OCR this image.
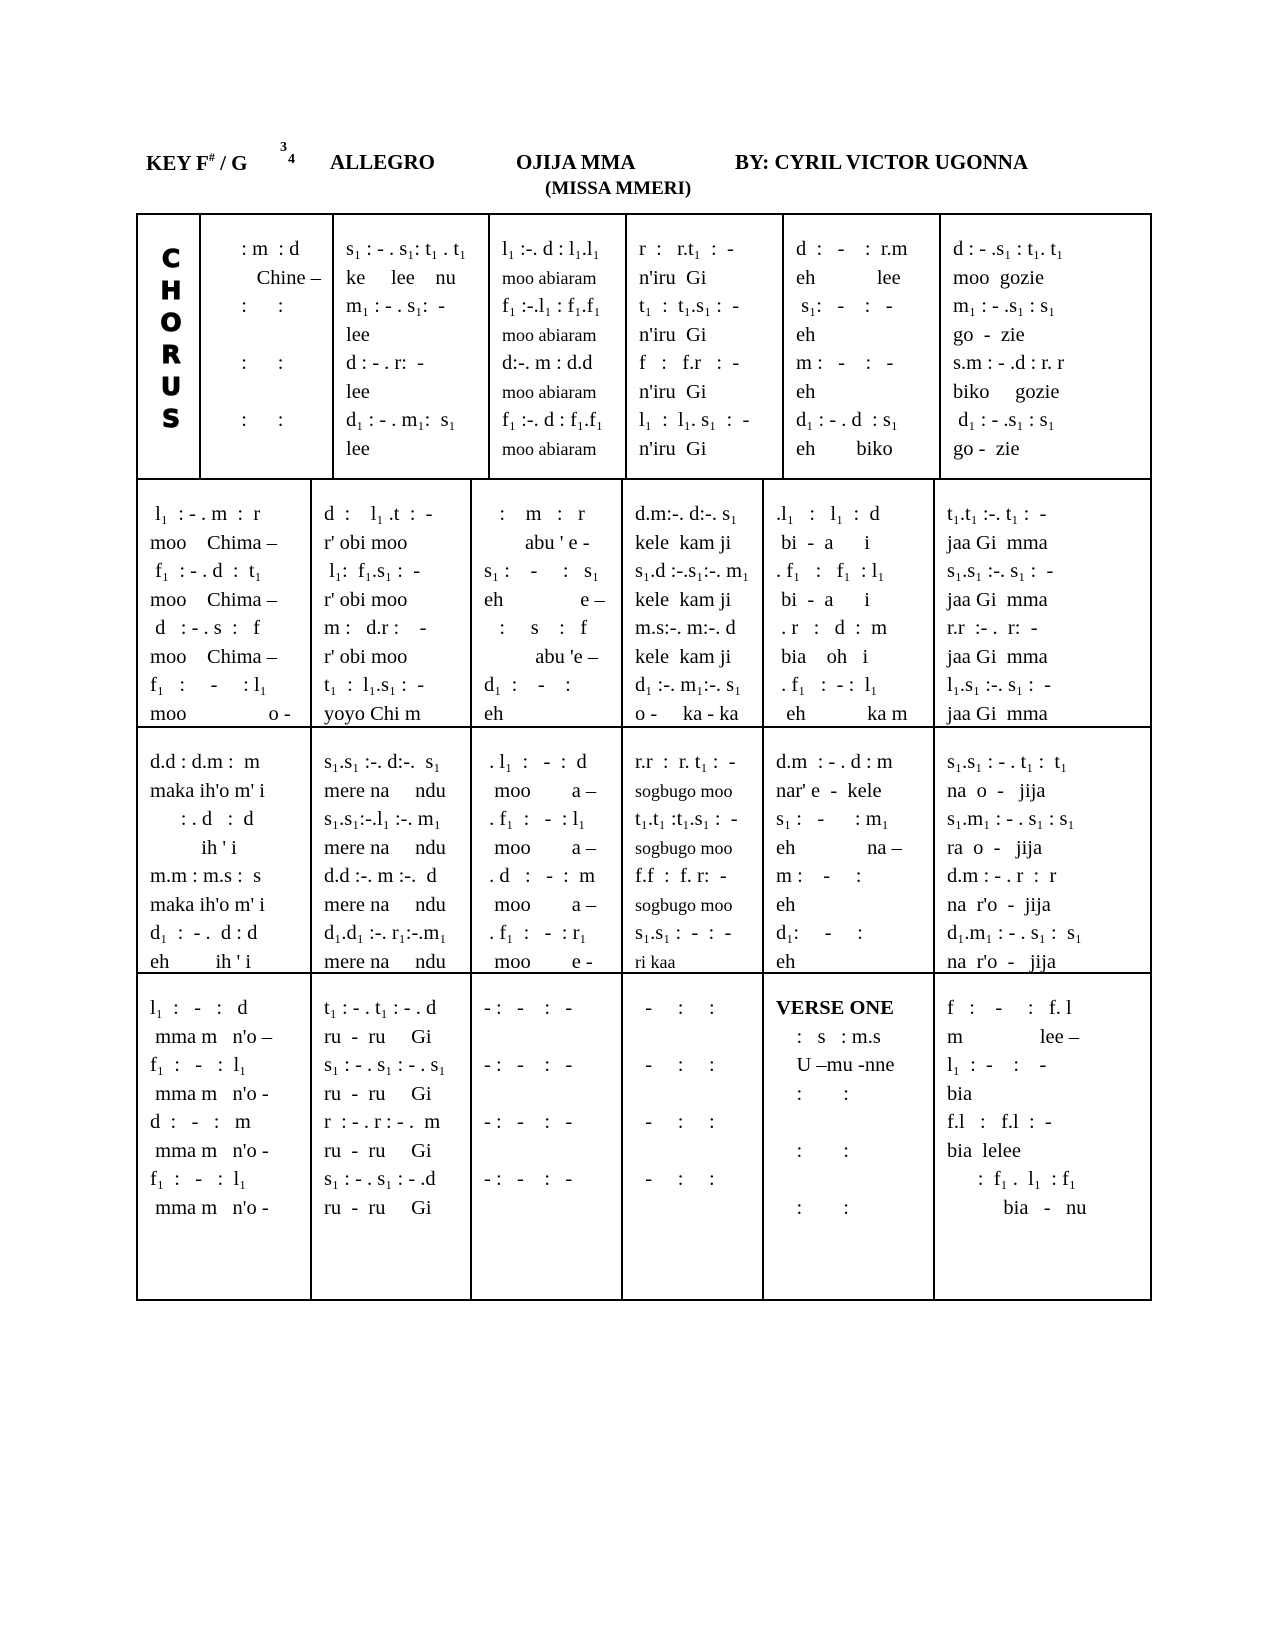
KEY F# / G
3
4 ALLEGRO	OJIJA MMA	BY: CYRIL VICTOR UGONNA
(MISSA MMERI)
C
H
O
R
U
S
: m  : d
Chine –
:      :

:      :

:      :
s₁ : - . s₁: t₁ . t₁
ke     lee    nu
m₁ : - . s₁:  -
lee
d : - . r:  -
lee
d₁ : - . m₁:  s₁
lee
l₁ :-. d : l₁.l₁
moo abiaram
f₁ :-.l₁ : f₁.f₁
moo abiaram
d:-. m : d.d
moo abiaram
f₁ :-. d : f₁.f₁
moo abiaram
r  :   r.t₁  :  -
n'iru  Gi
t₁  :  t₁.s₁ :  -
n'iru  Gi
f   :   f.r   :  -
n'iru  Gi
l₁  :  l₁. s₁  :  -
n'iru  Gi
d  :   -    :  r.m
eh            lee
s₁:   -    :   -
eh
m :   -    :   -
eh
d₁ : - . d  : s₁
eh        biko
d : - .s₁ : t₁. t₁
moo  gozie
m₁ : - .s₁ : s₁
go  -  zie
s.m : - .d : r. r
biko     gozie
d₁ : - .s₁ : s₁
go -  zie
l₁  : - . m  :  r
moo    Chima –
f₁  : - . d  :  t₁
moo    Chima –
d   : - . s  :   f
moo    Chima –
f₁   :     -     : l₁
moo                o -
d  :    l₁ .t  :  -
r' obi moo
l₁:  f₁.s₁ :  -
r' obi moo
m :   d.r :    -
r' obi moo
t₁  :  l₁.s₁ :  -
yoyo Chi m
:    m   :   r
abu ' e -
s₁ :    -     :   s₁
eh               e –
:     s    :   f
abu 'e –
d₁  :    -    :
eh
d.m:-. d:-. s₁
kele  kam ji
s₁.d :-.s₁:-. m₁
kele  kam ji
m.s:-. m:-. d
kele  kam ji
d₁ :-. m₁:-. s₁
o -     ka - ka
.l₁   :   l₁  :  d
bi  -  a      i
. f₁   :   f₁  : l₁
bi  -  a      i
. r   :   d  :  m
bia    oh   i
. f₁   :  - :  l₁
eh            ka m
t₁.t₁ :-. t₁ :  -
jaa Gi  mma
s₁.s₁ :-. s₁ :  -
jaa Gi  mma
r.r  :- .  r:  -
jaa Gi  mma
l₁.s₁ :-. s₁ :  -
jaa Gi  mma
d.d : d.m :  m
maka ih'o m' i
: . d   :  d
ih ' i
m.m : m.s :  s
maka ih'o m' i
d₁  :  - .  d : d
eh         ih ' i
s₁.s₁ :-. d:-.  s₁
mere na     ndu
s₁.s₁:-.l₁ :-. m₁
mere na     ndu
d.d :-. m :-.  d
mere na     ndu
d₁.d₁ :-. r₁:-.m₁
mere na     ndu
. l₁  :   -  :  d
moo        a –
. f₁  :   -  : l₁
moo        a –
. d   :   -  :  m
moo        a –
. f₁  :   -  : r₁
moo        e -
r.r  :  r. t₁ :  -
sogbugo moo
t₁.t₁ :t₁.s₁ :  -
sogbugo moo
f.f  :  f. r:  -
sogbugo moo
s₁.s₁ :  -  :  -
ri kaa
d.m  : - . d : m
nar' e  -  kele
s₁ :   -      : m₁
eh              na –
m :    -     :
eh
d₁:     -     :
eh
s₁.s₁ : - . t₁ :  t₁
na  o  -   jija
s₁.m₁ : - . s₁ : s₁
ra  o  -   jija
d.m : - . r  :  r
na  r'o  -  jija
d₁.m₁ : - . s₁ :  s₁
na  r'o  -   jija
l₁  :   -   :   d
mma m   n'o –
f₁  :   -   :  l₁
mma m   n'o -
d  :   -   :   m
mma m   n'o -
f₁  :   -   :  l₁
mma m   n'o -
t₁ : - . t₁ : - . d
ru  -  ru     Gi
s₁ : - . s₁ : - . s₁
ru  -  ru     Gi
r  : - . r : - .  m
ru  -  ru     Gi
s₁ : - . s₁ : - .d
ru  -  ru     Gi
- :   -    :   -

- :   -    :   -

- :   -    :   -

- :   -    :   -
-     :     :

-     :     :

-     :     :

-     :     :
VERSE ONE
:   s   : m.s
U –mu -nne
:        :

:        :

:        :
f   :    -     :   f. l
m               lee –
l₁  :  -    :    -
bia
f.l   :   f.l  :  -
bia  lelee
:  f₁ .  l₁  : f₁
bia   -   nu
